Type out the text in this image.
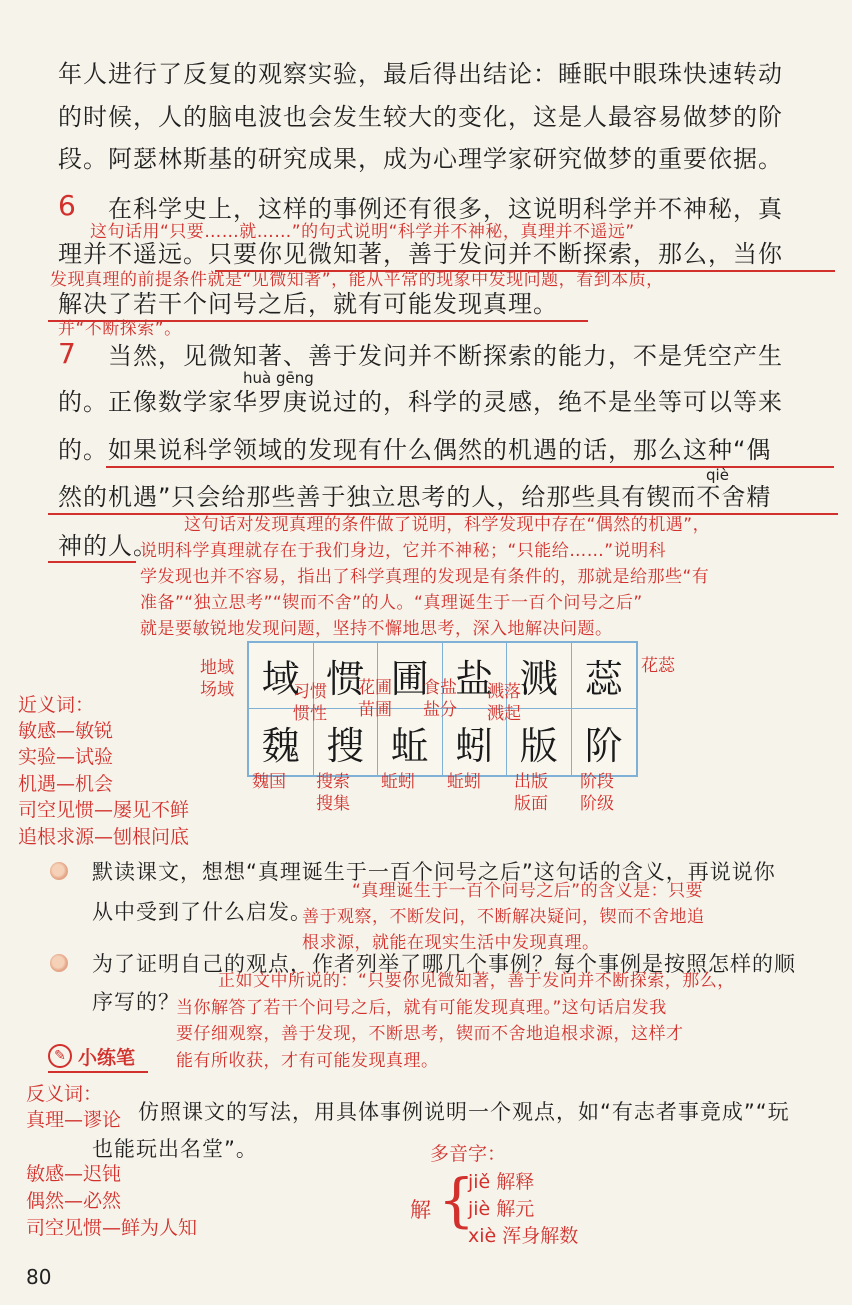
年人进行了反复的观察实验，最后得出结论：睡眠中眼珠快速转动
的时候，人的脑电波也会发生较大的变化，这是人最容易做梦的阶
段。阿瑟林斯基的研究成果，成为心理学家研究做梦的重要依据。
6 在科学史上，这样的事例还有很多，这说明科学并不神秘，真
这句话用“只要……就……”的句式说明“科学并不神秘，真理并不遥远”
理并不遥远。只要你见微知著，善于发问并不断探索，那么，当你
发现真理的前提条件就是“见微知著”，能从平常的现象中发现问题，看到本质，
解决了若干个问号之后，就有可能发现真理。
并“不断探索”。
7 当然，见微知著、善于发问并不断探索的能力，不是凭空产生
huà gēng
的。正像数学家华罗庚说过的，科学的灵感，绝不是坐等可以等来
的。如果说科学领域的发现有什么偶然的机遇的话，那么这种“偶
qiè
然的机遇”只会给那些善于独立思考的人，给那些具有锲而不舍精
这句话对发现真理的条件做了说明，科学发现中存在“偶然的机遇”，
神的人。
说明科学真理就存在于我们身边，它并不神秘；“只能给……”说明科
学发现也并不容易，指出了科学真理的发现是有条件的，那就是给那些“有
准备”“独立思考”“锲而不舍”的人。“真理诞生于一百个问号之后”
就是要敏锐地发现问题，坚持不懈地思考，深入地解决问题。
域 惯 圃 盐 溅 蕊
魏 搜 蚯 蚓 版 阶
地域
场域	习惯
惯性
花圃
苗圃
食盐
盐分
溅落
溅起
花蕊
魏国 搜索
搜集
蚯蚓 蚯蚓 出版
版面
阶段
阶级
近义词：
敏感—敏锐
实验—试验
机遇—机会
司空见惯—屡见不鲜
追根求源—刨根问底
默读课文，想想“真理诞生于一百个问号之后”这句话的含义，再说说你
“真理诞生于一百个问号之后”的含义是：只要
从中受到了什么启发。
善于观察，不断发问，不断解决疑问，锲而不舍地追
根求源，就能在现实生活中发现真理。
为了证明自己的观点，作者列举了哪几个事例？每个事例是按照怎样的顺
正如文中所说的：“只要你见微知著，善于发问并不断探索，那么，
序写的？
当你解答了若干个问号之后，就有可能发现真理。”这句话启发我
要仔细观察，善于发现，不断思考，锲而不舍地追根求源，这样才
能有所收获，才有可能发现真理。
✎ 小练笔
仿照课文的写法，用具体事例说明一个观点，如“有志者事竟成”“玩
也能玩出名堂”。
反义词：
真理—谬论
敏感—迟钝
偶然—必然
司空见惯—鲜为人知
多音字：
解 {
jiě 解释
jiè 解元
xiè 浑身解数
80
